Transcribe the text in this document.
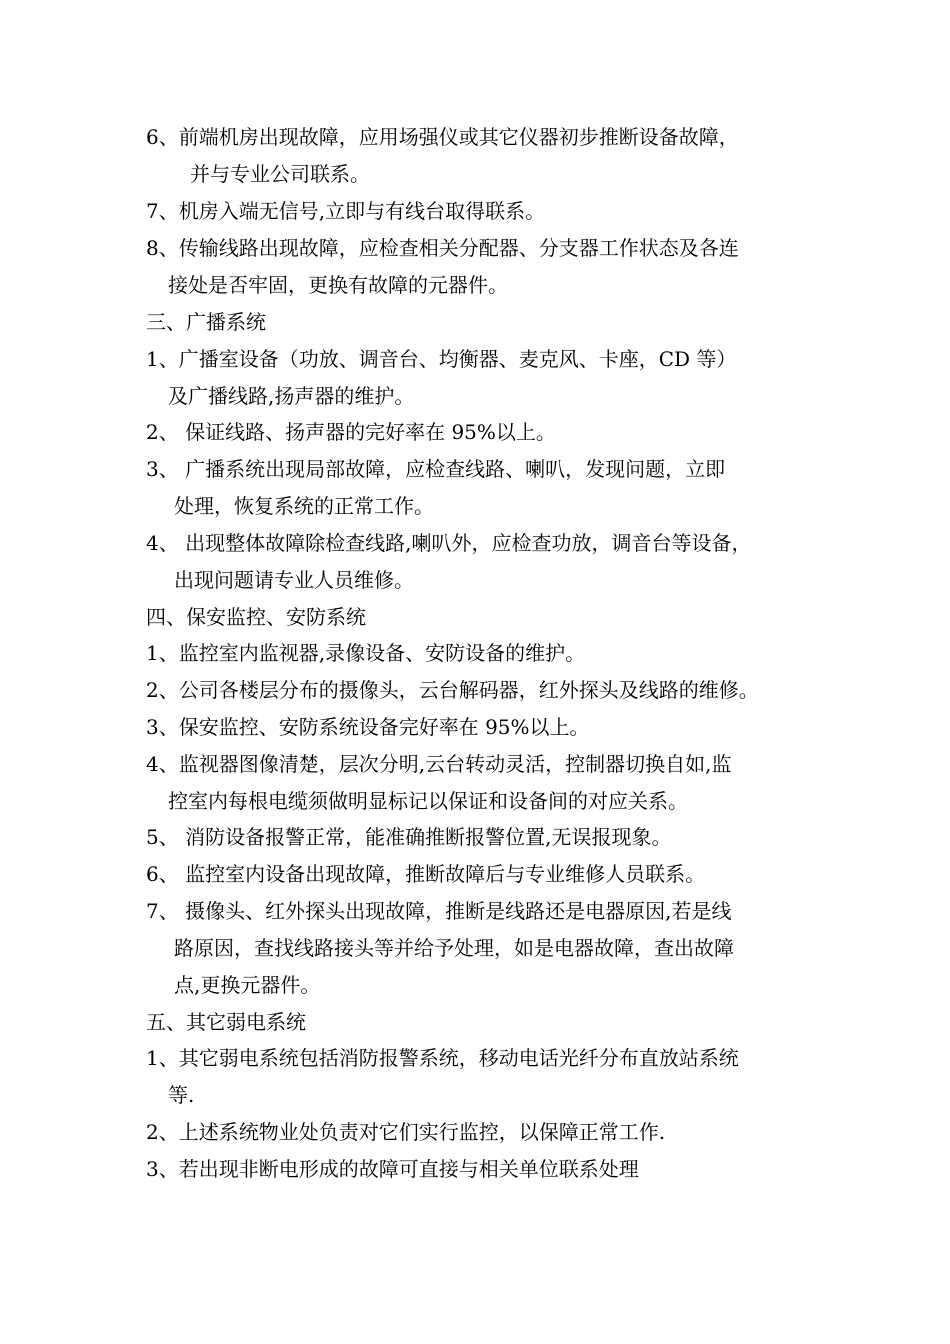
6、前端机房出现故障，应用场强仪或其它仪器初步推断设备故障，
并与专业公司联系。
7、机房入端无信号,立即与有线台取得联系。
8、传输线路出现故障，应检查相关分配器、分支器工作状态及各连
接处是否牢固，更换有故障的元器件。
三、广播系统
1、广播室设备（功放、调音台、均衡器、麦克风、卡座，CD 等）
及广播线路,扬声器的维护。
2、 保证线路、扬声器的完好率在 95%以上。
3、 广播系统出现局部故障，应检查线路、喇叭，发现问题，立即
处理，恢复系统的正常工作。
4、 出现整体故障除检查线路,喇叭外，应检查功放，调音台等设备，
出现问题请专业人员维修。
四、保安监控、安防系统
1、监控室内监视器,录像设备、安防设备的维护。
2、公司各楼层分布的摄像头，云台解码器，红外探头及线路的维修。
3、保安监控、安防系统设备完好率在 95%以上。
4、监视器图像清楚，层次分明,云台转动灵活，控制器切换自如,监
控室内每根电缆须做明显标记以保证和设备间的对应关系。
5、 消防设备报警正常，能准确推断报警位置,无误报现象。
6、 监控室内设备出现故障，推断故障后与专业维修人员联系。
7、 摄像头、红外探头出现故障，推断是线路还是电器原因,若是线
路原因，查找线路接头等并给予处理，如是电器故障，查出故障
点,更换元器件。
五、其它弱电系统
1、其它弱电系统包括消防报警系统，移动电话光纤分布直放站系统
等.
2、上述系统物业处负责对它们实行监控，以保障正常工作.
3、若出现非断电形成的故障可直接与相关单位联系处理
